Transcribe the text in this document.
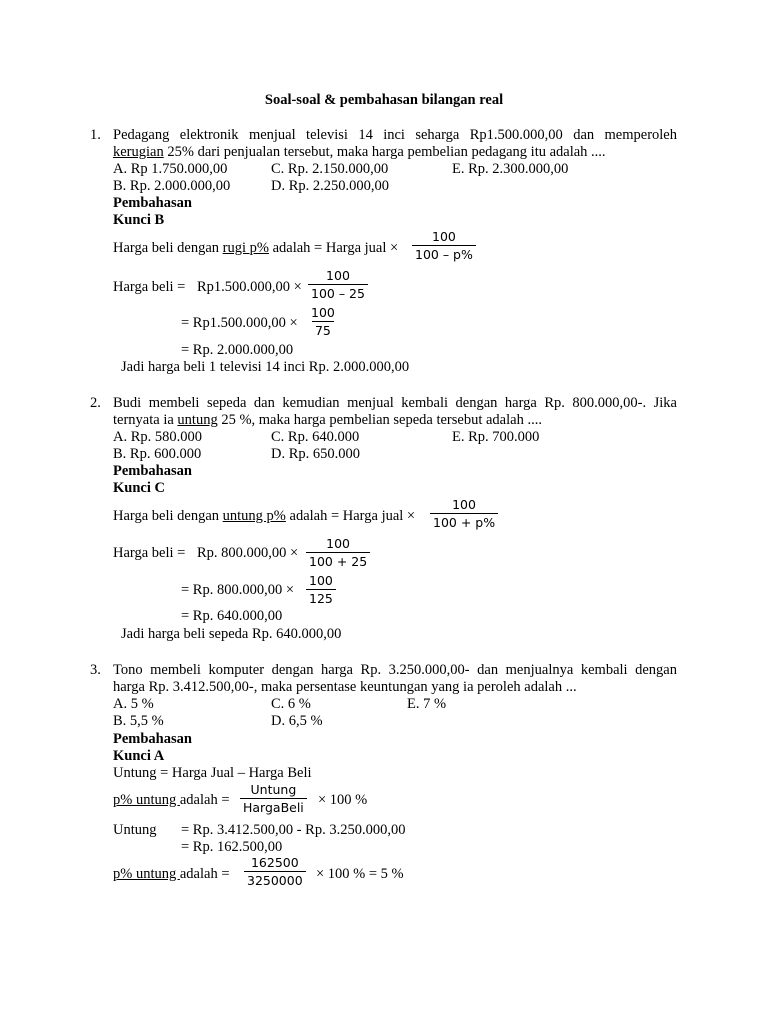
Soal-soal & pembahasan bilangan real
1. Pedagang elektronik menjual televisi 14 inci seharga Rp1.500.000,00 dan memperoleh
kerugian 25% dari penjualan tersebut, maka harga pembelian pedagang itu adalah ....
A. Rp 1.750.000,00	C. Rp. 2.150.000,00	E. Rp. 2.300.000,00
B. Rp. 2.000.000,00	D. Rp. 2.250.000,00
Pembahasan
Kunci B
Harga beli dengan rugi p% adalah = Harga jual × $\frac{100}{100 - p\%}$
Harga beli = $Rp1.500.000,00 \times \frac{100}{100 - 25}$
= $Rp1.500.000,00 \times \frac{100}{75}$
= Rp. 2.000.000,00
Jadi harga beli 1 televisi 14 inci Rp. 2.000.000,00
2. Budi membeli sepeda dan kemudian menjual kembali dengan harga Rp. 800.000,00-. Jika
ternyata ia untung 25 %, maka harga pembelian sepeda tersebut adalah ....
A. Rp. 580.000	C. Rp. 640.000	E. Rp. 700.000
B. Rp. 600.000	D. Rp. 650.000
Pembahasan
Kunci C
Harga beli dengan untung p% adalah = Harga jual × $\frac{100}{100 + p\%}$
Harga beli = Rp. $800.000,00 \times \frac{100}{100 + 25}$
= Rp. $800.000,00 \times \frac{100}{125}$
= Rp. 640.000,00
Jadi harga beli sepeda Rp. 640.000,00
3. Tono membeli komputer dengan harga Rp. 3.250.000,00- dan menjualnya kembali dengan
harga Rp. 3.412.500,00-, maka persentase keuntungan yang ia peroleh adalah ...
A. 5 %	C. 6 %	E. 7 %
B. 5,5 %	D. 6,5 %
Pembahasan
Kunci A
Untung = Harga Jual – Harga Beli
p% untung adalah =
Untung
HargaBeli × 100 %
Untung = Rp. 3.412.500,00 - Rp. 3.250.000,00
= Rp. 162.500,00
p% untung adalah = $\frac{162500}{3250000} \times 100$ % = 5 %
